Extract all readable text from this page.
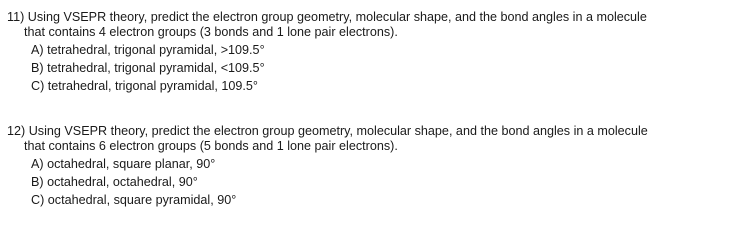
11) Using VSEPR theory, predict the electron group geometry, molecular shape, and the bond angles in a molecule
that contains 4 electron groups (3 bonds and 1 lone pair electrons).
A) tetrahedral, trigonal pyramidal, >109.5°
B) tetrahedral, trigonal pyramidal, <109.5°
C) tetrahedral, trigonal pyramidal, 109.5°
12) Using VSEPR theory, predict the electron group geometry, molecular shape, and the bond angles in a molecule
that contains 6 electron groups (5 bonds and 1 lone pair electrons).
A) octahedral, square planar, 90°
B) octahedral, octahedral, 90°
C) octahedral, square pyramidal, 90°
